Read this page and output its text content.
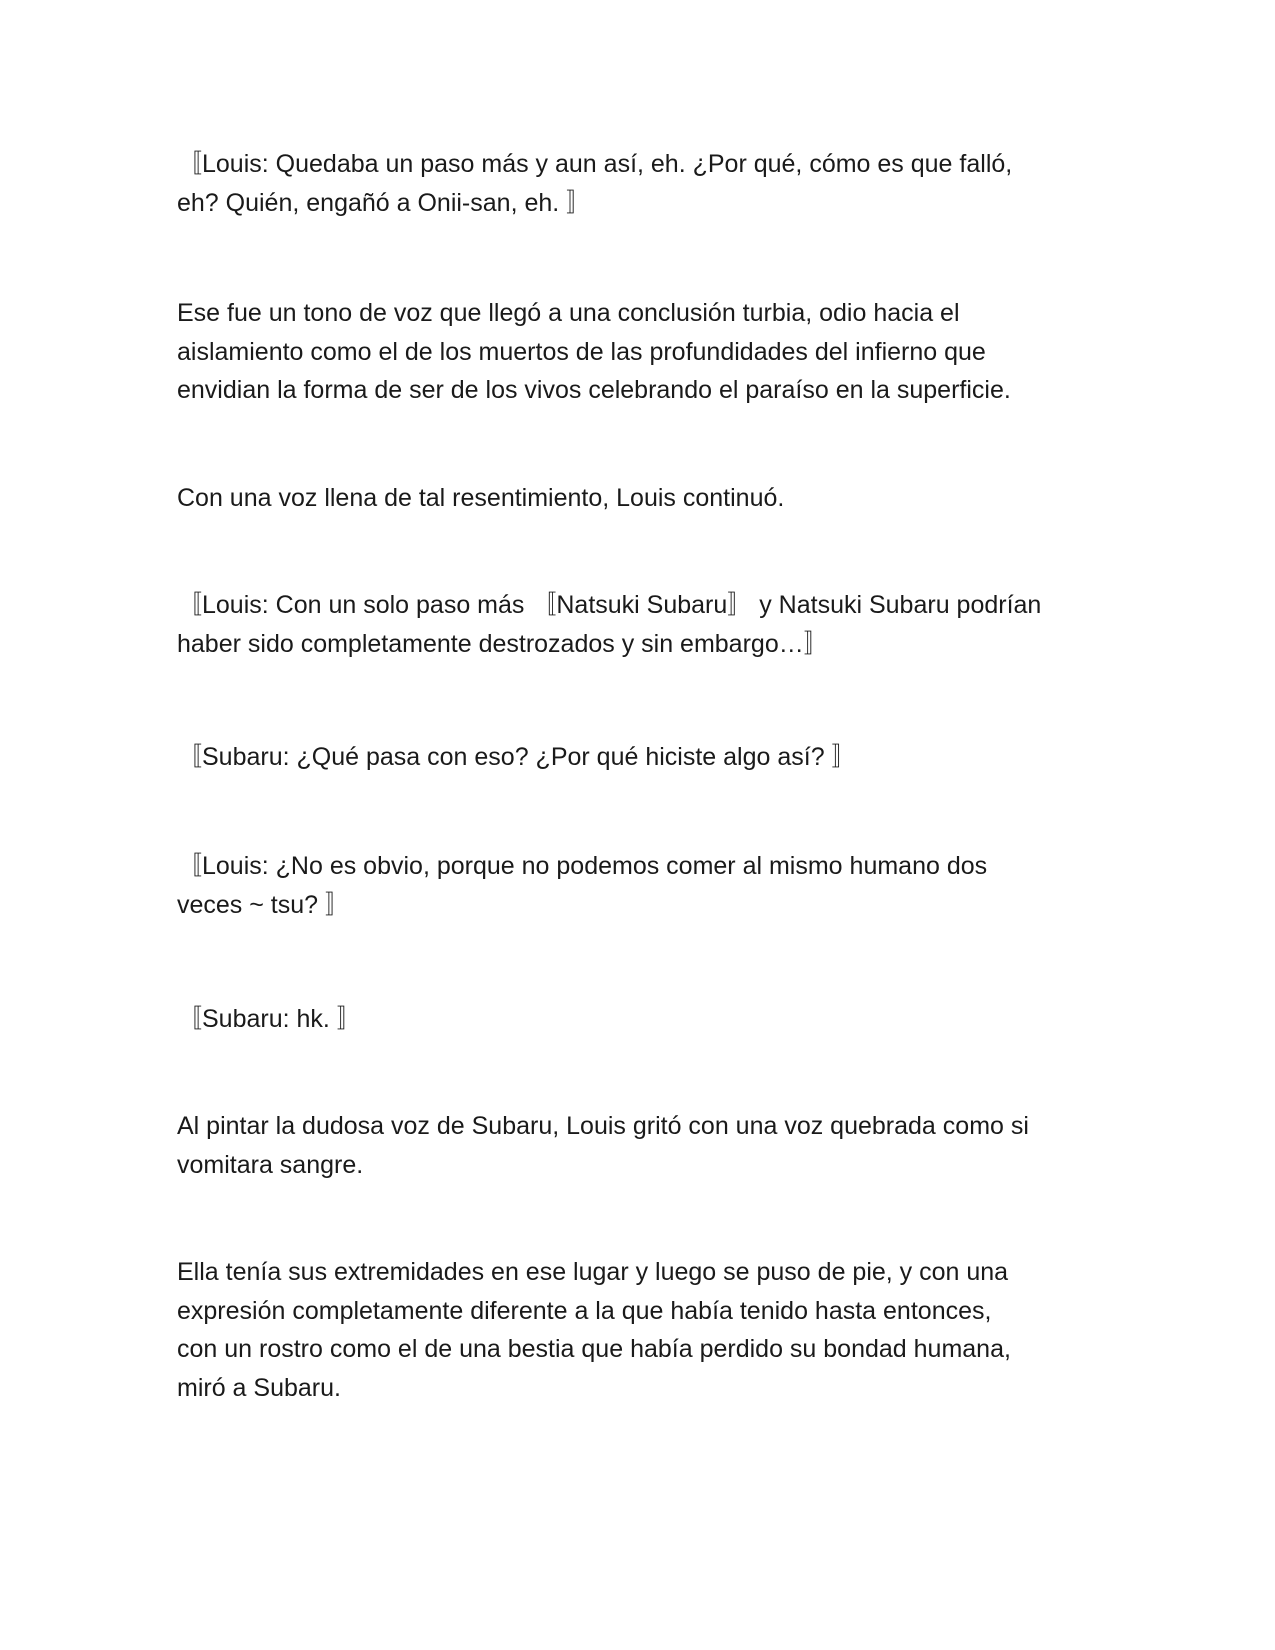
〚Louis: Quedaba un paso más y aun así, eh. ¿Por qué, cómo es que falló,
eh? Quién, engañó a Onii-san, eh. 〛

Ese fue un tono de voz que llegó a una conclusión turbia, odio hacia el
aislamiento como el de los muertos de las profundidades del infierno que
envidian la forma de ser de los vivos celebrando el paraíso en la superficie.

Con una voz llena de tal resentimiento, Louis continuó.

〚Louis: Con un solo paso más 〚Natsuki Subaru〛 y Natsuki Subaru podrían
haber sido completamente destrozados y sin embargo…〛

〚Subaru: ¿Qué pasa con eso? ¿Por qué hiciste algo así? 〛

〚Louis: ¿No es obvio, porque no podemos comer al mismo humano dos
veces ~ tsu? 〛

〚Subaru: hk. 〛

Al pintar la dudosa voz de Subaru, Louis gritó con una voz quebrada como si
vomitara sangre.

Ella tenía sus extremidades en ese lugar y luego se puso de pie, y con una
expresión completamente diferente a la que había tenido hasta entonces,
con un rostro como el de una bestia que había perdido su bondad humana,
miró a Subaru.
